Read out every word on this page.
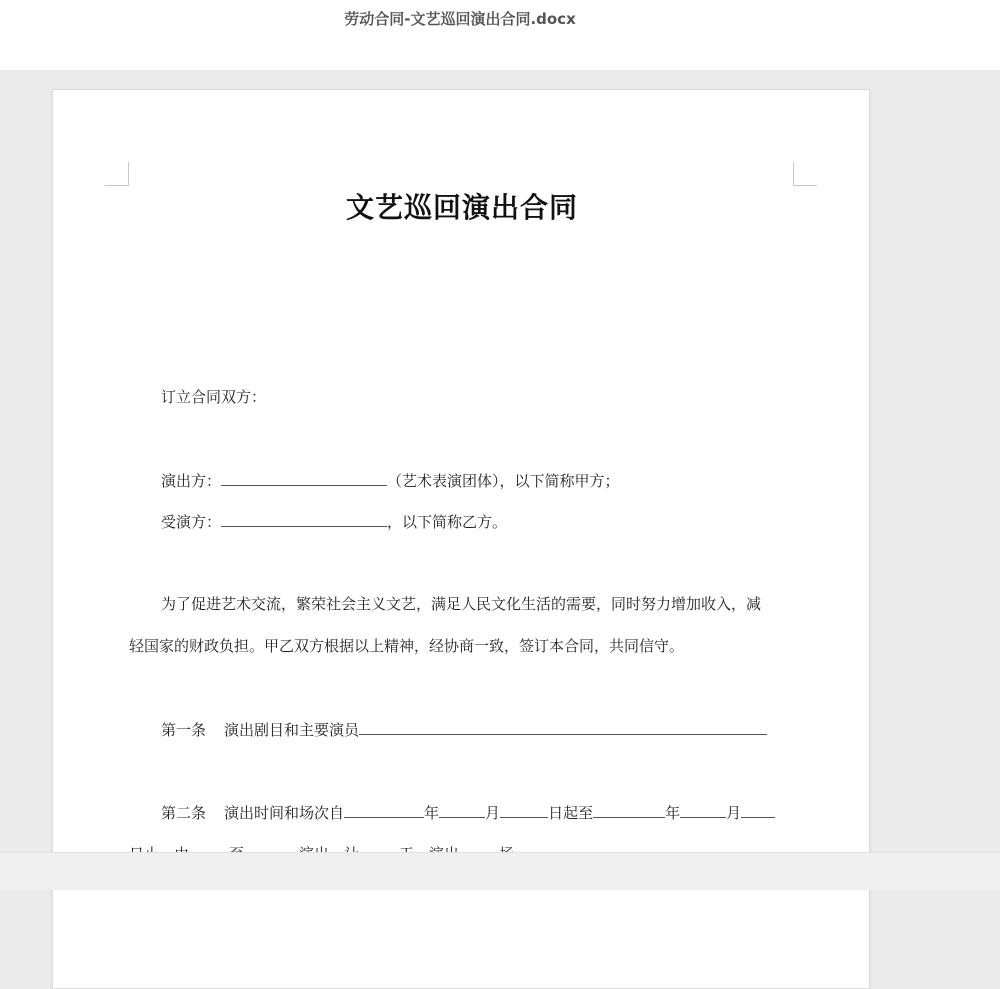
劳动合同-文艺巡回演出合同.docx
文艺巡回演出合同
订立合同双方：
演出方：	（艺术表演团体），以下简称甲方；
受演方：	，以下简称乙方。
为了促进艺术交流，繁荣社会主义文艺，满足人民文化生活的需要，同时努力增加收入，减
轻国家的财政负担。甲乙双方根据以上精神，经协商一致，签订本合同，共同信守。
第一条 演出剧目和主要演员
第二条 演出时间和场次自	年	月	日起至	年	月
